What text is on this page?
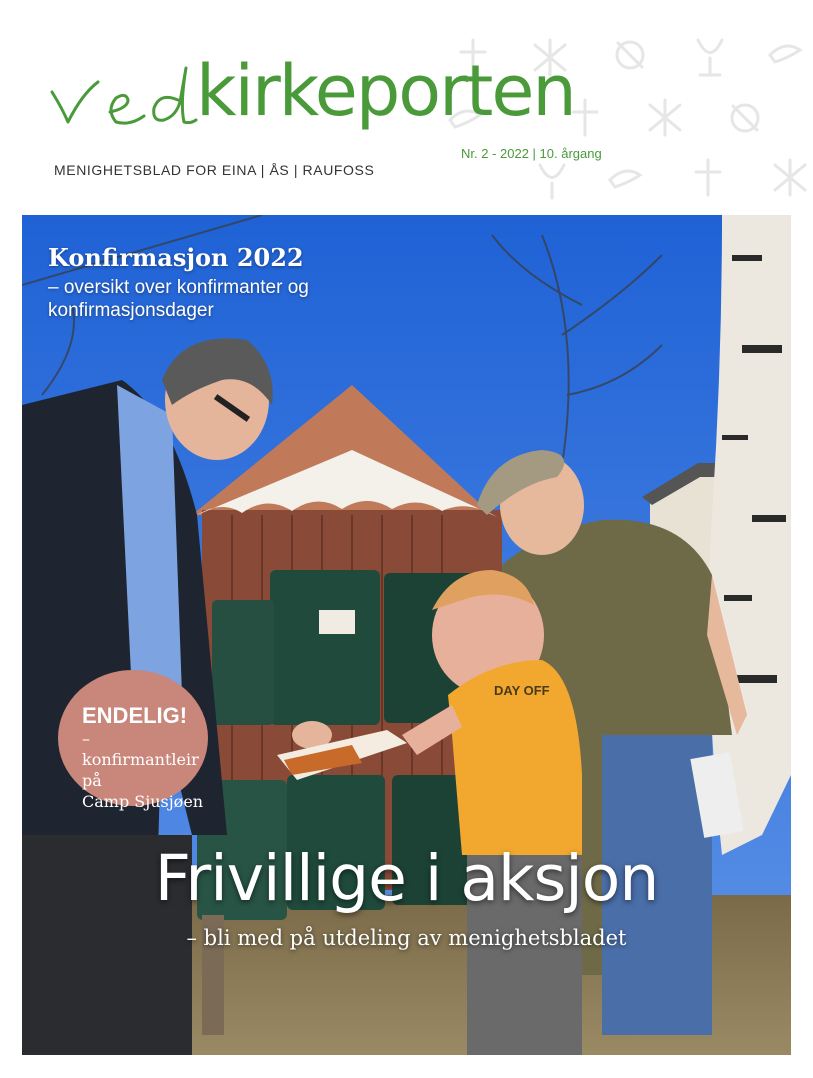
kirkeporten
MENIGHETSBLAD FOR EINA | ÅS | RAUFOSS
Nr. 2 - 2022 | 10. årgang
DAY OFF
Konfirmasjon 2022
– oversikt over konfirmanter og
konfirmasjonsdager
ENDELIG!
– konfirmantleir på
Camp Sjusjøen
Frivillige i aksjon
– bli med på utdeling av menighetsbladet
